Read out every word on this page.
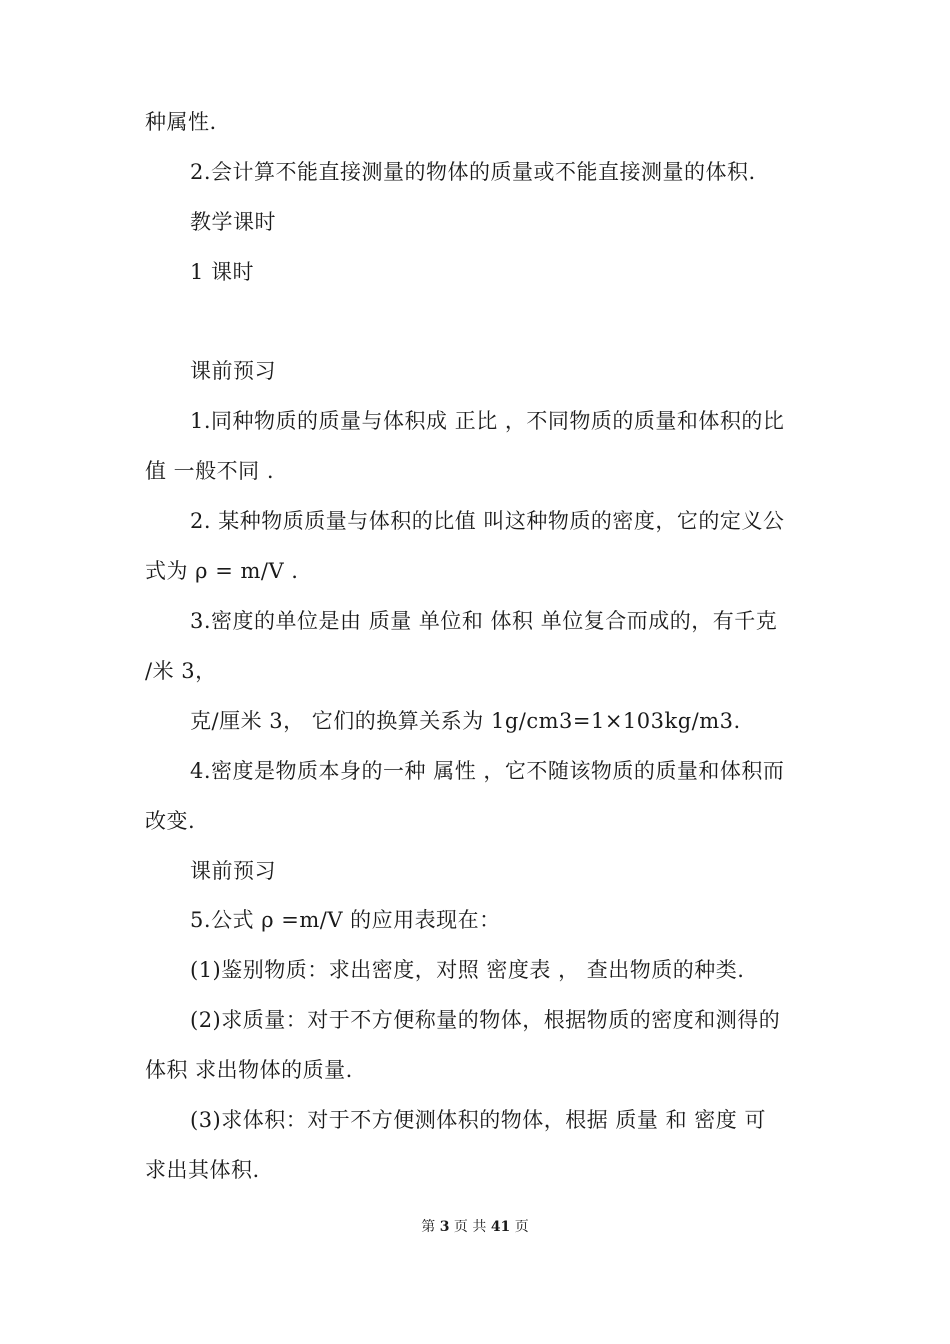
种属性.
2.会计算不能直接测量的物体的质量或不能直接测量的体积.
教学课时
1 课时
课前预习
1.同种物质的质量与体积成 正比 ，不同物质的质量和体积的比
值 一般不同 .
2. 某种物质质量与体积的比值 叫这种物质的密度，它的定义公
式为 ρ = m/V .
3.密度的单位是由 质量 单位和 体积 单位复合而成的，有千克
/米 3，
克/厘米 3， 它们的换算关系为 1g/cm3=1×103kg/m3.
4.密度是物质本身的一种 属性 ，它不随该物质的质量和体积而
改变.
课前预习
5.公式 ρ =m/V 的应用表现在：
(1)鉴别物质：求出密度，对照 密度表 ， 查出物质的种类.
(2)求质量：对于不方便称量的物体，根据物质的密度和测得的
体积 求出物体的质量.
(3)求体积：对于不方便测体积的物体，根据 质量 和 密度 可
求出其体积.
第 3 页 共 41 页
